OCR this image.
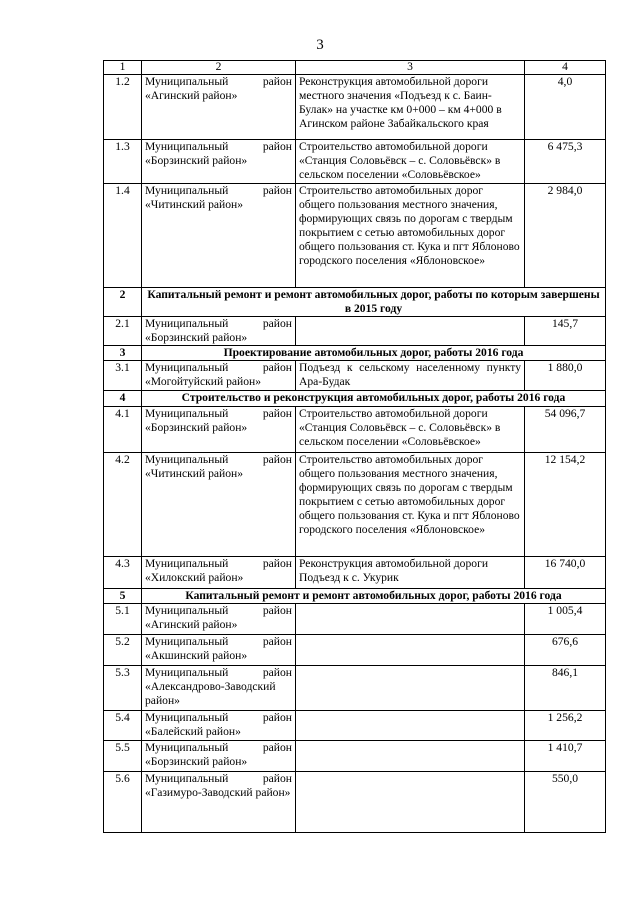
3
1	2	3	4
1.2	Муниципальный район «Агинский район»	Реконструкция автомобильной дороги местного значения «Подъезд к с. Баин-Булак» на участке км 0+000 – км 4+000 в Агинском районе Забайкальского края	4,0
1.3	Муниципальный район «Борзинский район»	Строительство автомобильной дороги «Станция Соловьёвск – с. Соловьёвск» в сельском поселении «Соловьёвское»	6 475,3
1.4	Муниципальный район «Читинский район»	Строительство автомобильных дорог общего пользования местного значения, формирующих связь по дорогам с твердым покрытием с сетью автомобильных дорог общего пользования ст. Кука и пгт Яблоново городского поселения «Яблоновское»	2 984,0
2	Капитальный ремонт и ремонт автомобильных дорог, работы по которым завершены в 2015 году		
2.1	Муниципальный район «Борзинский район»		145,7
3	Проектирование автомобильных дорог, работы 2016 года		
3.1	Муниципальный район «Могойтуйский район»	Подъезд к сельскому населенному пункту Ара-Будак	1 880,0
4	Строительство и реконструкция автомобильных дорог, работы 2016 года		
4.1	Муниципальный район «Борзинский район»	Строительство автомобильной дороги «Станция Соловьёвск – с. Соловьёвск» в сельском поселении «Соловьёвское»	54 096,7
4.2	Муниципальный район «Читинский район»	Строительство автомобильных дорог общего пользования местного значения, формирующих связь по дорогам с твердым покрытием с сетью автомобильных дорог общего пользования ст. Кука и пгт Яблоново городского поселения «Яблоновское»	12 154,2
4.3	Муниципальный район «Хилокский район»	Реконструкция автомобильной дороги Подъезд к с. Укурик	16 740,0
5	Капитальный ремонт и ремонт автомобильных дорог, работы 2016 года		
5.1	Муниципальный район «Агинский район»		1 005,4
5.2	Муниципальный район «Акшинский район»		676,6
5.3	Муниципальный район «Александрово-Заводский район»		846,1
5.4	Муниципальный район «Балейский район»		1 256,2
5.5	Муниципальный район «Борзинский район»		1 410,7
5.6	Муниципальный район «Газимуро-Заводский район»		550,0
